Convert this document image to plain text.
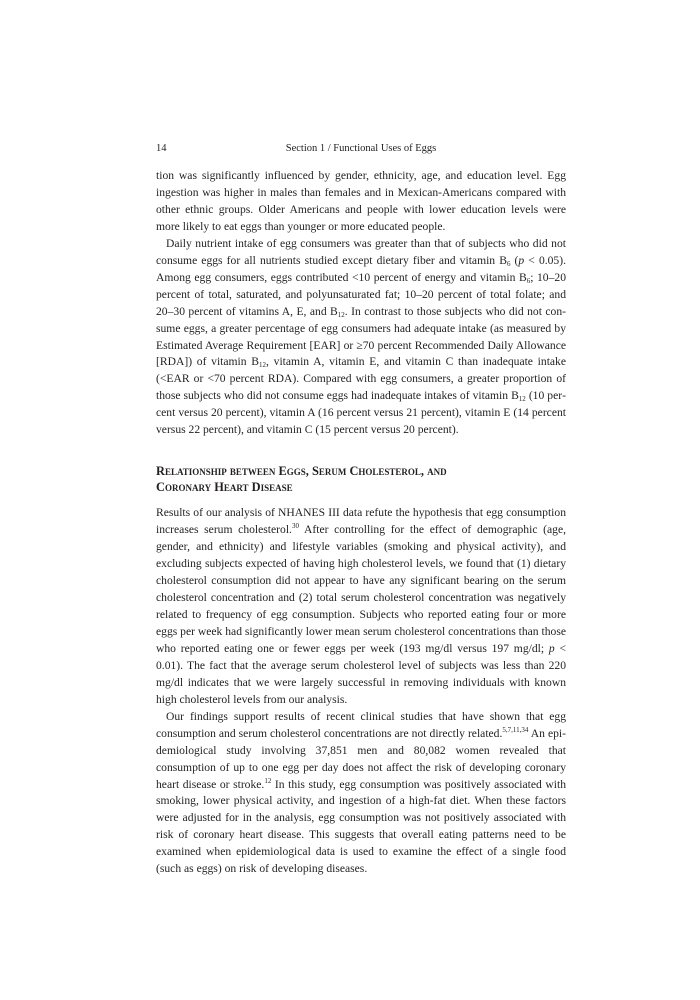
14	Section 1 / Functional Uses of Eggs

tion was significantly influenced by gender, ethnicity, age, and education level. Egg ingestion was higher in males than females and in Mexican-Americans compared with other ethnic groups. Older Americans and people with lower education levels were more likely to eat eggs than younger or more educated people.

Daily nutrient intake of egg consumers was greater than that of subjects who did not consume eggs for all nutrients studied except dietary fiber and vitamin $B_6$ (p < 0.05). Among egg consumers, eggs contributed <10 percent of energy and vitamin $B_6$; 10–20 percent of total, saturated, and polyunsaturated fat; 10–20 percent of total folate; and 20–30 percent of vitamins A, E, and $B_{12}$. In contrast to those subjects who did not consume eggs, a greater percentage of egg consumers had adequate intake (as measured by Estimated Average Requirement [EAR] or ≥70 percent Recommended Daily Allowance [RDA]) of vitamin $B_{12}$, vitamin A, vitamin E, and vitamin C than inadequate intake (<EAR or <70 percent RDA). Compared with egg consumers, a greater proportion of those subjects who did not consume eggs had inadequate intakes of vitamin $B_{12}$ (10 percent versus 20 percent), vitamin A (16 percent versus 21 percent), vitamin E (14 percent versus 22 percent), and vitamin C (15 percent versus 20 percent).

Relationship between Eggs, Serum Cholesterol, and
Coronary Heart Disease

Results of our analysis of NHANES III data refute the hypothesis that egg consumption increases serum cholesterol.$^{30}$ After controlling for the effect of demographic (age, gender, and ethnicity) and lifestyle variables (smoking and physical activity), and excluding subjects expected of having high cholesterol levels, we found that (1) dietary cholesterol consumption did not appear to have any significant bearing on the serum cholesterol concentration and (2) total serum cholesterol concentration was negatively related to frequency of egg consumption. Subjects who reported eating four or more eggs per week had significantly lower mean serum cholesterol concentrations than those who reported eating one or fewer eggs per week (193 mg/dl versus 197 mg/dl; p < 0.01). The fact that the average serum cholesterol level of subjects was less than 220 mg/dl indicates that we were largely successful in removing individuals with known high cholesterol levels from our analysis.

Our findings support results of recent clinical studies that have shown that egg consumption and serum cholesterol concentrations are not directly related.$^{5,7,11,34}$ An epidemiological study involving 37,851 men and 80,082 women revealed that consumption of up to one egg per day does not affect the risk of developing coronary heart disease or stroke.$^{12}$ In this study, egg consumption was positively associated with smoking, lower physical activity, and ingestion of a high-fat diet. When these factors were adjusted for in the analysis, egg consumption was not positively associated with risk of coronary heart disease. This suggests that overall eating patterns need to be examined when epidemiological data is used to examine the effect of a single food (such as eggs) on risk of developing diseases.
